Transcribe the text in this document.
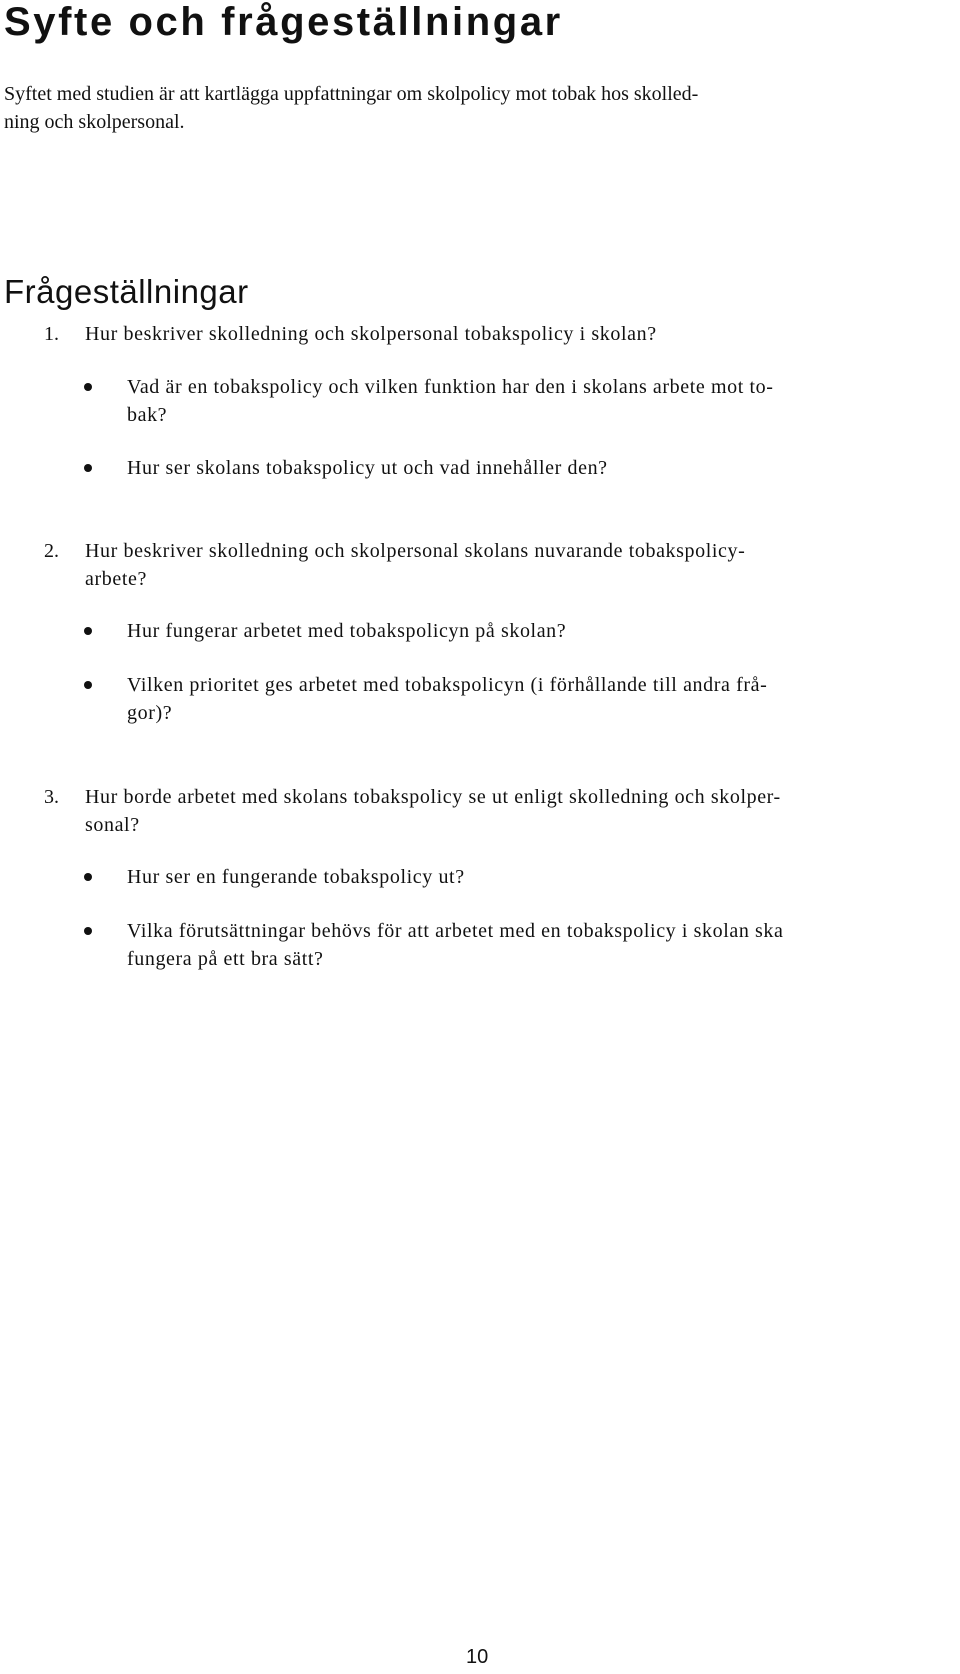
Syfte och frågeställningar

Syftet med studien är att kartlägga uppfattningar om skolpolicy mot tobak hos skolled-
ning och skolpersonal.

Frågeställningar
1. Hur beskriver skolledning och skolpersonal tobakspolicy i skolan?
Vad är en tobakspolicy och vilken funktion har den i skolans arbete mot to-
bak?
Hur ser skolans tobakspolicy ut och vad innehåller den?
2. Hur beskriver skolledning och skolpersonal skolans nuvarande tobakspolicy-
arbete?
Hur fungerar arbetet med tobakspolicyn på skolan?
Vilken prioritet ges arbetet med tobakspolicyn (i förhållande till andra frå-
gor)?
3. Hur borde arbetet med skolans tobakspolicy se ut enligt skolledning och skolper-
sonal?
Hur ser en fungerande tobakspolicy ut?
Vilka förutsättningar behövs för att arbetet med en tobakspolicy i skolan ska
fungera på ett bra sätt?
10
